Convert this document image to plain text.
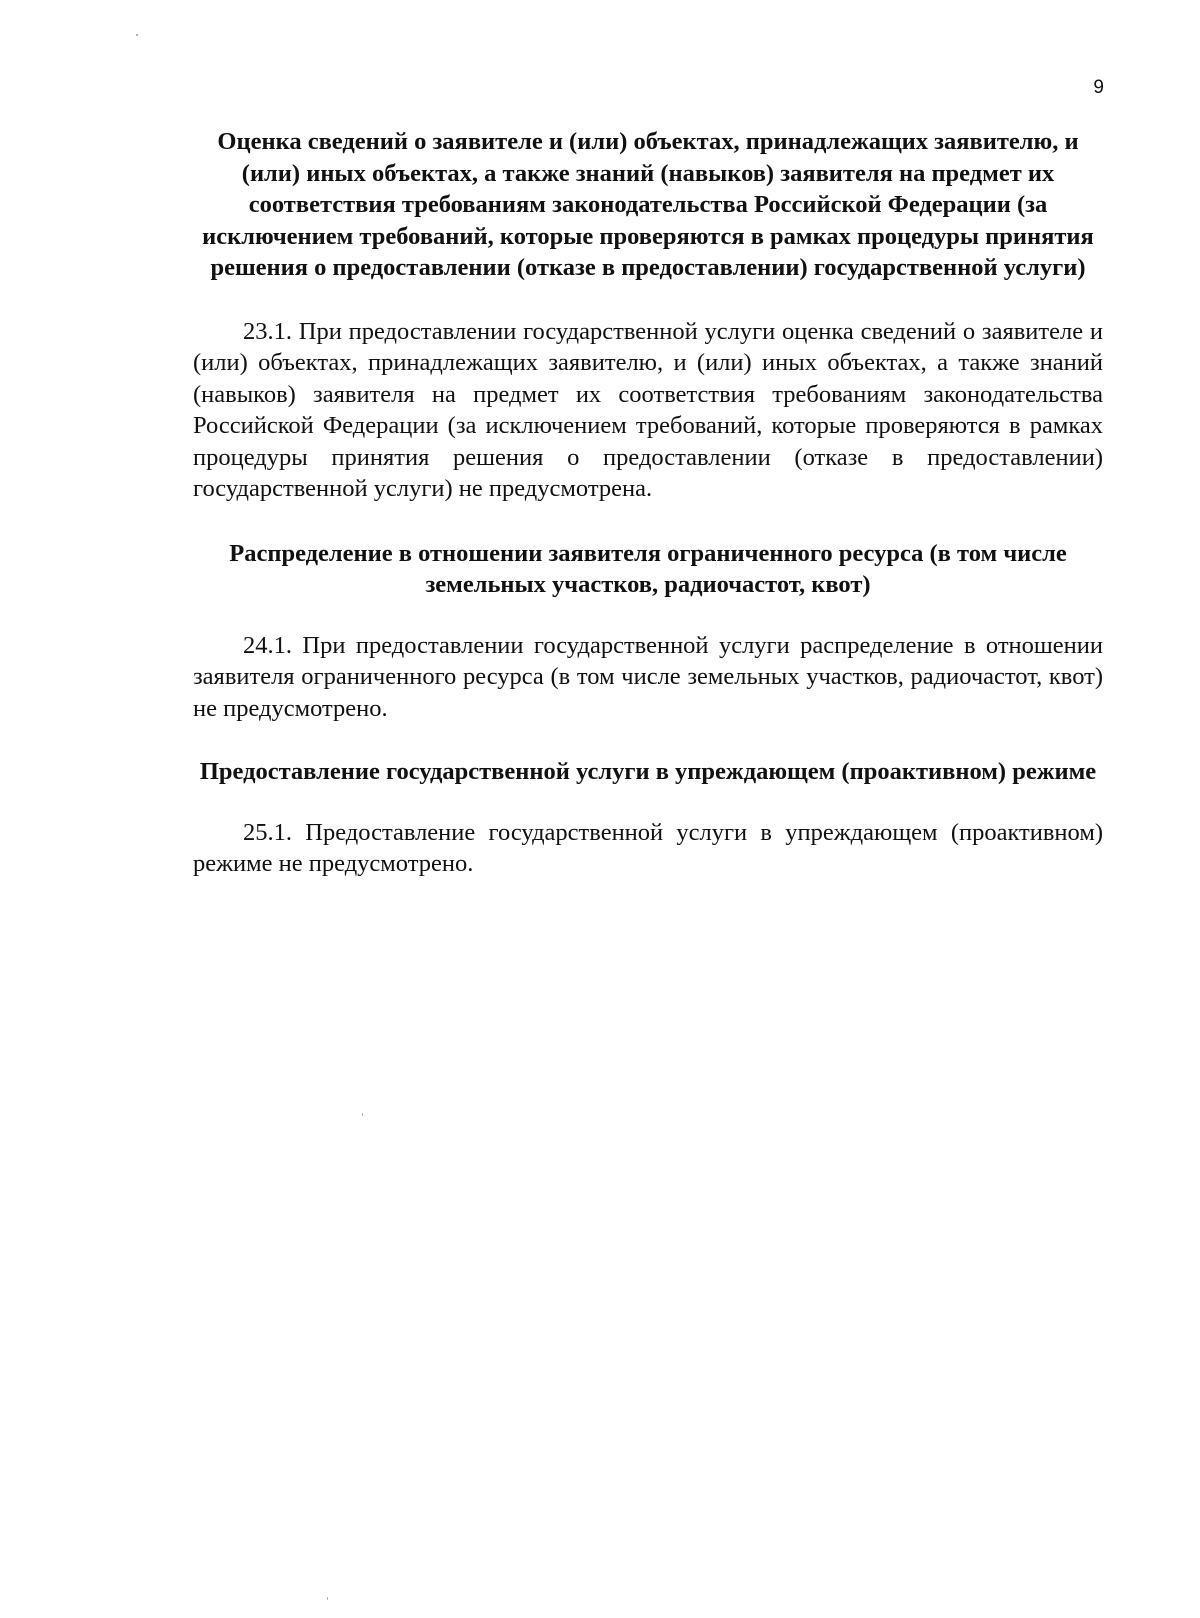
9
Оценка сведений о заявителе и (или) объектах, принадлежащих заявителю, и (или) иных объектах, а также знаний (навыков) заявителя на предмет их соответствия требованиям законодательства Российской Федерации (за исключением требований, которые проверяются в рамках процедуры принятия решения о предоставлении (отказе в предоставлении) государственной услуги)

23.1. При предоставлении государственной услуги оценка сведений о заявителе и (или) объектах, принадлежащих заявителю, и (или) иных объектах, а также знаний (навыков) заявителя на предмет их соответствия требованиям законодательства Российской Федерации (за исключением требований, которые проверяются в рамках процедуры принятия решения о предоставлении (отказе в предоставлении) государственной услуги) не предусмотрена.

Распределение в отношении заявителя ограниченного ресурса (в том числе земельных участков, радиочастот, квот)

24.1. При предоставлении государственной услуги распределение в отношении заявителя ограниченного ресурса (в том числе земельных участков, радиочастот, квот) не предусмотрено.

Предоставление государственной услуги в упреждающем (проактивном) режиме

25.1. Предоставление государственной услуги в упреждающем (проактивном) режиме не предусмотрено.
